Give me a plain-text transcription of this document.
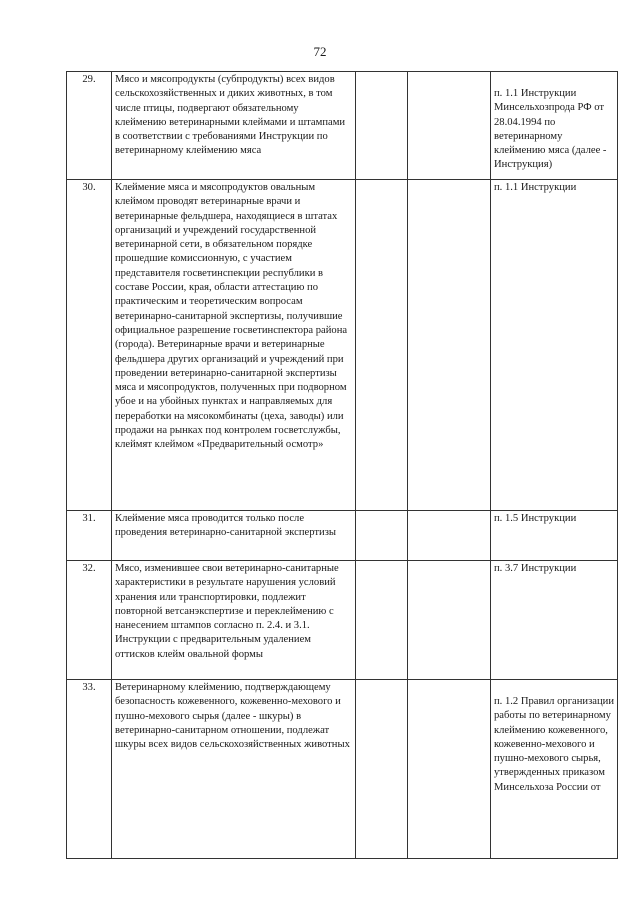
72
29.	Мясо и мясопродукты (субпродукты) всех видов сельскохозяйственных и диких животных, в том числе птицы, подвергают обязательному клеймению ветеринарными клеймами и штампами в соответствии с требованиями Инструкции по ветеринарному клеймению мяса			п. 1.1 Инструкции Минсельхозпрода РФ от 28.04.1994 по ветеринарному клеймению мяса (далее - Инструкция)

30.	Клеймение мяса и мясопродуктов овальным клеймом проводят ветеринарные врачи и ветеринарные фельдшера, находящиеся в штатах организаций и учреждений государственной ветеринарной сети, в обязательном порядке прошедшие комиссионную, с участием представителя госветинспекции республики в составе России, края, области аттестацию по практическим и теоретическим вопросам ветеринарно-санитарной экспертизы, получившие официальное разрешение госветинспектора района (города). Ветеринарные врачи и ветеринарные фельдшера других организаций и учреждений при проведении ветеринарно-санитарной экспертизы мяса и мясопродуктов, полученных при подворном убое и на убойных пунктах и направляемых для переработки на мясокомбинаты (цеха, заводы) или продажи на рынках под контролем госветслужбы, клеймят клеймом «Предварительный осмотр»			п. 1.1 Инструкции

31.	Клеймение мяса проводится только после проведения ветеринарно-санитарной экспертизы			п. 1.5 Инструкции

32.	Мясо, изменившее свои ветеринарно-санитарные характеристики в результате нарушения условий хранения или транспортировки, подлежит повторной ветсанэкспертизе и переклеймению с нанесением штампов согласно п. 2.4. и 3.1. Инструкции с предварительным удалением оттисков клейм овальной формы			п. 3.7 Инструкции

33.	Ветеринарному клеймению, подтверждающему безопасность кожевенного, кожевенно-мехового и пушно-мехового сырья (далее - шкуры) в ветеринарно-санитарном отношении, подлежат шкуры всех видов сельскохозяйственных животных			п. 1.2 Правил организации работы по ветеринарному клеймению кожевенного, кожевенно-мехового и пушно-мехового сырья, утвержденных приказом Минсельхоза России от
